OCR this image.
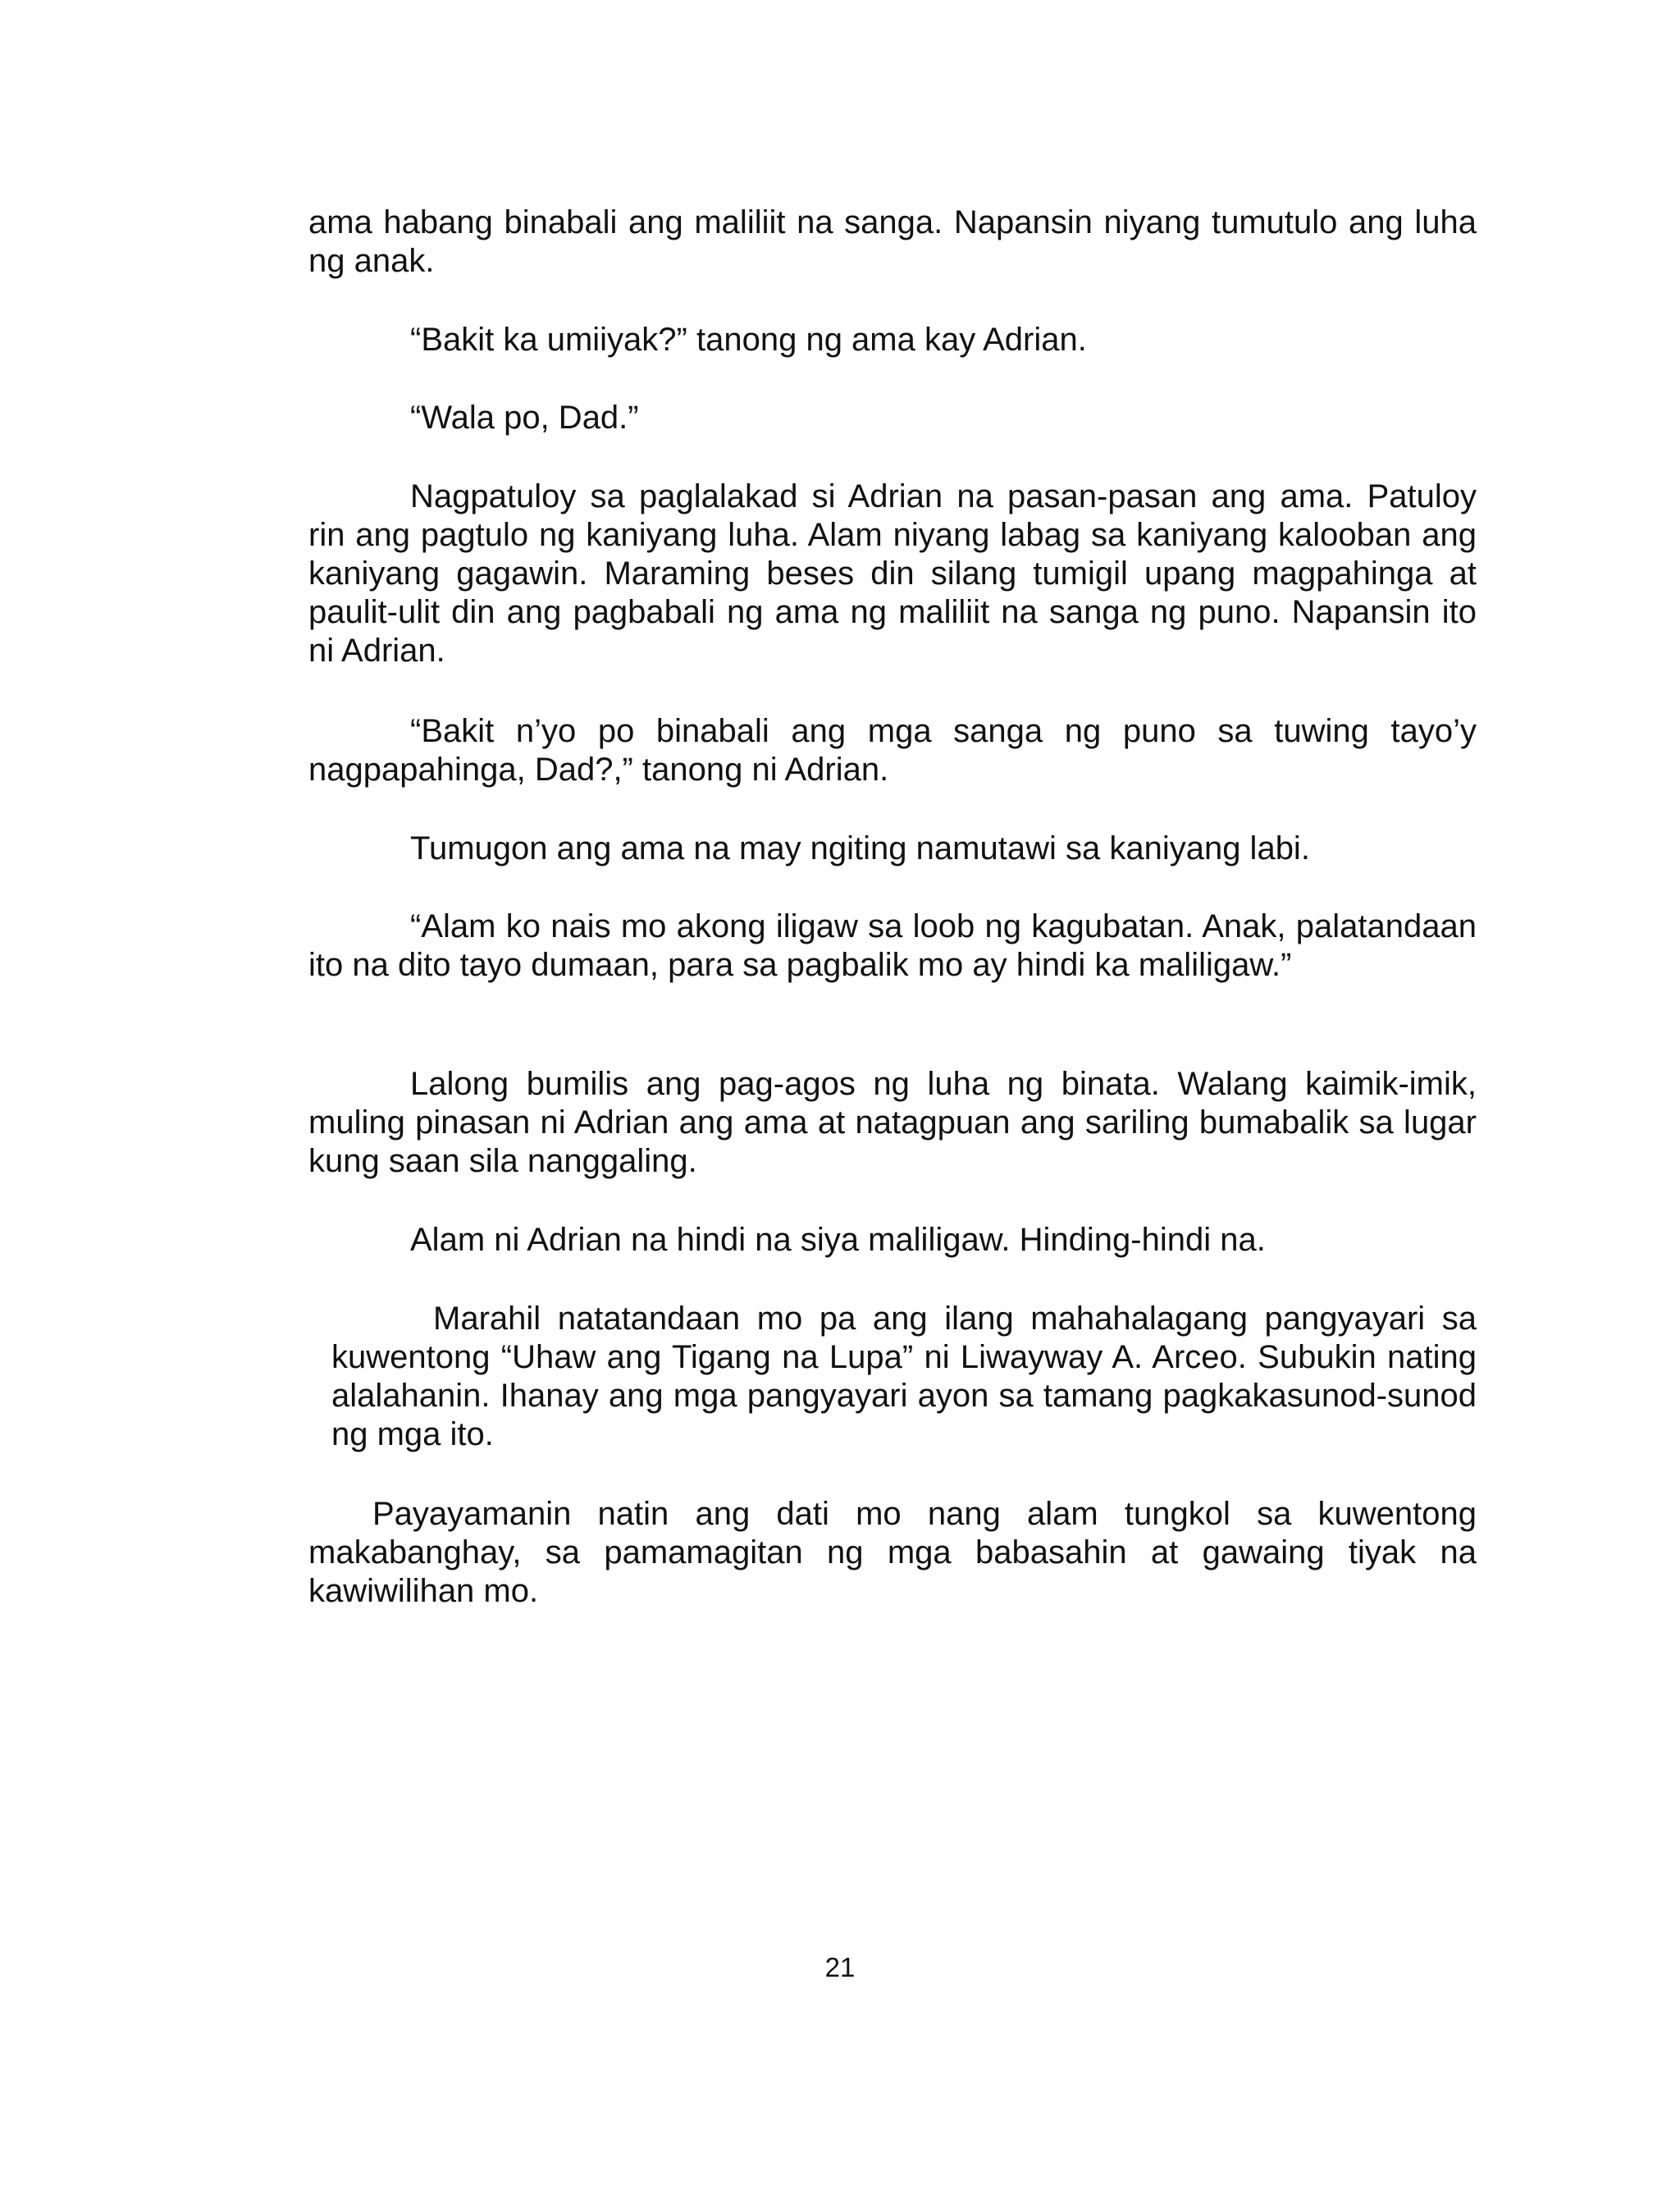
ama habang binabali ang maliliit na sanga. Napansin niyang tumutulo ang luha ng anak.

“Bakit ka umiiyak?” tanong ng ama kay Adrian.

“Wala po, Dad.”

Nagpatuloy sa paglalakad si Adrian na pasan-pasan ang ama. Patuloy rin ang pagtulo ng kaniyang luha. Alam niyang labag sa kaniyang kalooban ang kaniyang gagawin. Maraming beses din silang tumigil upang magpahinga at paulit-ulit din ang pagbabali ng ama ng maliliit na sanga ng puno. Napansin ito ni Adrian.

“Bakit n’yo po binabali ang mga sanga ng puno sa tuwing tayo’y nagpapahinga, Dad?,” tanong ni Adrian.

Tumugon ang ama na may ngiting namutawi sa kaniyang labi.

“Alam ko nais mo akong iligaw sa loob ng kagubatan. Anak, palatandaan ito na dito tayo dumaan, para sa pagbalik mo ay hindi ka maliligaw.”

Lalong bumilis ang pag-agos ng luha ng binata. Walang kaimik-imik, muling pinasan ni Adrian ang ama at natagpuan ang sariling bumabalik sa lugar kung saan sila nanggaling.

Alam ni Adrian na hindi na siya maliligaw. Hinding-hindi na.

Marahil natatandaan mo pa ang ilang mahahalagang pangyayari sa kuwentong “Uhaw ang Tigang na Lupa” ni Liwayway A. Arceo. Subukin nating alalahanin. Ihanay ang mga pangyayari ayon sa tamang pagkakasunod-sunod ng mga ito.

Payayamanin natin ang dati mo nang alam tungkol sa kuwentong makabanghay, sa pamamagitan ng mga babasahin at gawaing tiyak na kawiwilihan mo.

21
